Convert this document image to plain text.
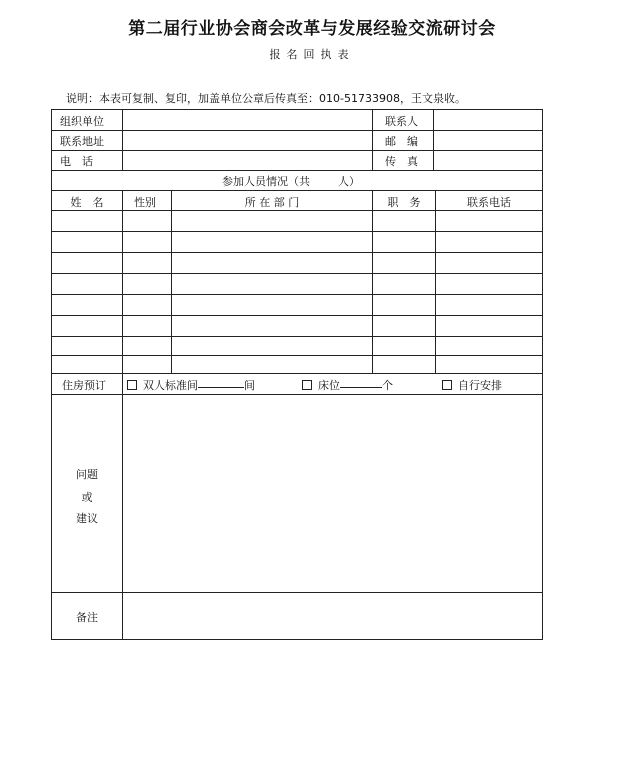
第二届行业协会商会改革与发展经验交流研讨会
报名回执表
说明：本表可复制、复印，加盖单位公章后传真至：010-51733908，王文泉收。
组织单位	联系人
联系地址	邮　编
电　话	传　真
参加人员情况（共	人）
姓　名	性别	所 在 部 门	职　务	联系电话
住房预订	双人标准间	间	床位	个	自行安排
问题
或
建议
备注
